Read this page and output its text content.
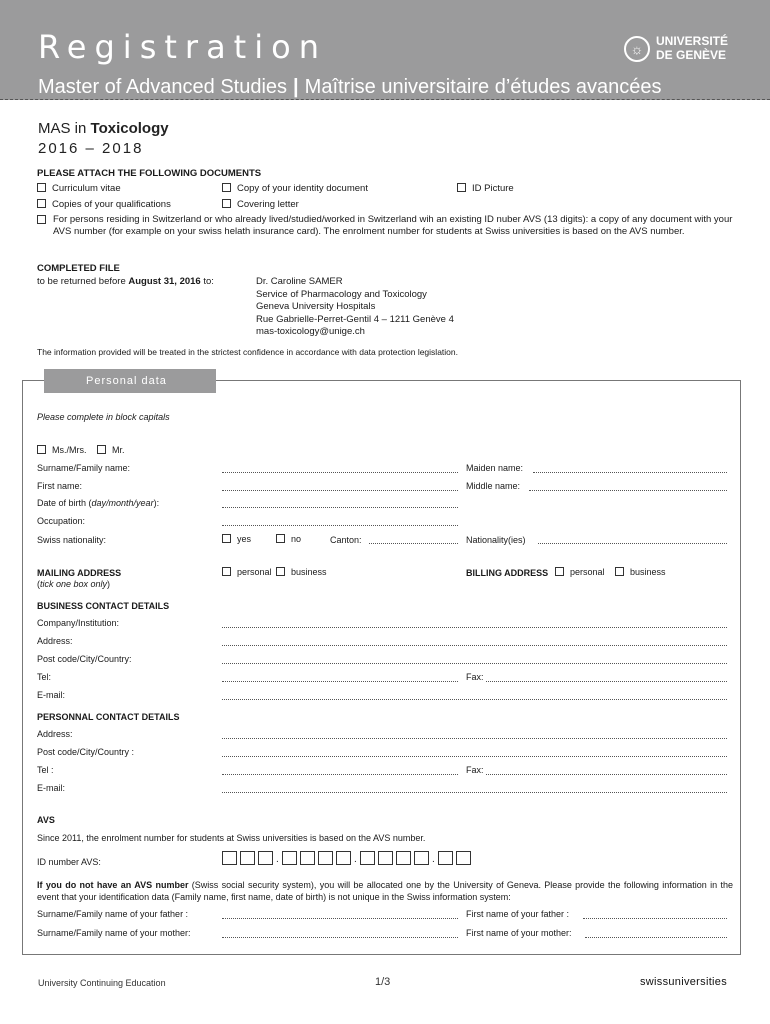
Registration	☼	UNIVERSITÉ
DE GENÈVE
Master of Advanced Studies | Maîtrise universitaire d’études avancées
MAS in Toxicology
2016 – 2018
PLEASE ATTACH THE FOLLOWING DOCUMENTS
Curriculum vitae	Copy of your identity document	ID Picture
Copies of your qualifications	Covering letter
For persons residing in Switzerland or who already lived/studied/worked in Switzerland wih an existing ID nuber AVS (13 digits): a copy of any document with your AVS number (for example on your swiss helath insurance card). The enrolment number for students at Swiss universities is based on the AVS number.
COMPLETED FILE
to be returned before August 31, 2016 to:	Dr. Caroline SAMER
Service of Pharmacology and Toxicology
Geneva University Hospitals
Rue Gabrielle-Perret-Gentil 4 – 1211 Genève 4
mas-toxicology@unige.ch
The information provided will be treated in the strictest confidence in accordance with data protection legislation.
Personal data
Please complete in block capitals
Ms./Mrs.	Mr.
Surname/Family name:	Maiden name:
First name:	Middle name:
Date of birth (day/month/year):
Occupation:
Swiss nationality:	yes	no	Canton:	Nationality(ies)
MAILING ADDRESS
(tick one box only)
personal	business	BILLING ADDRESS	personal	business
BUSINESS CONTACT DETAILS
Company/Institution:
Address:
Post code/City/Country:
Tel:	Fax:
E-mail:
PERSONNAL CONTACT DETAILS
Address:
Post code/City/Country :
Tel :	Fax:
E-mail:
AVS
Since 2011, the enrolment number for students at Swiss universities is based on the AVS number.
ID number AVS:	.	.	.
If you do not have an AVS number (Swiss social security system), you will be allocated one by the University of Geneva. Please provide the following information in the event that your identification data (Family name, first name, date of birth) is not unique in the Swiss information system:
Surname/Family name of your father :	First name of your father :
Surname/Family name of your mother:	First name of your mother:
University Continuing Education	1/3	swissuniversities
